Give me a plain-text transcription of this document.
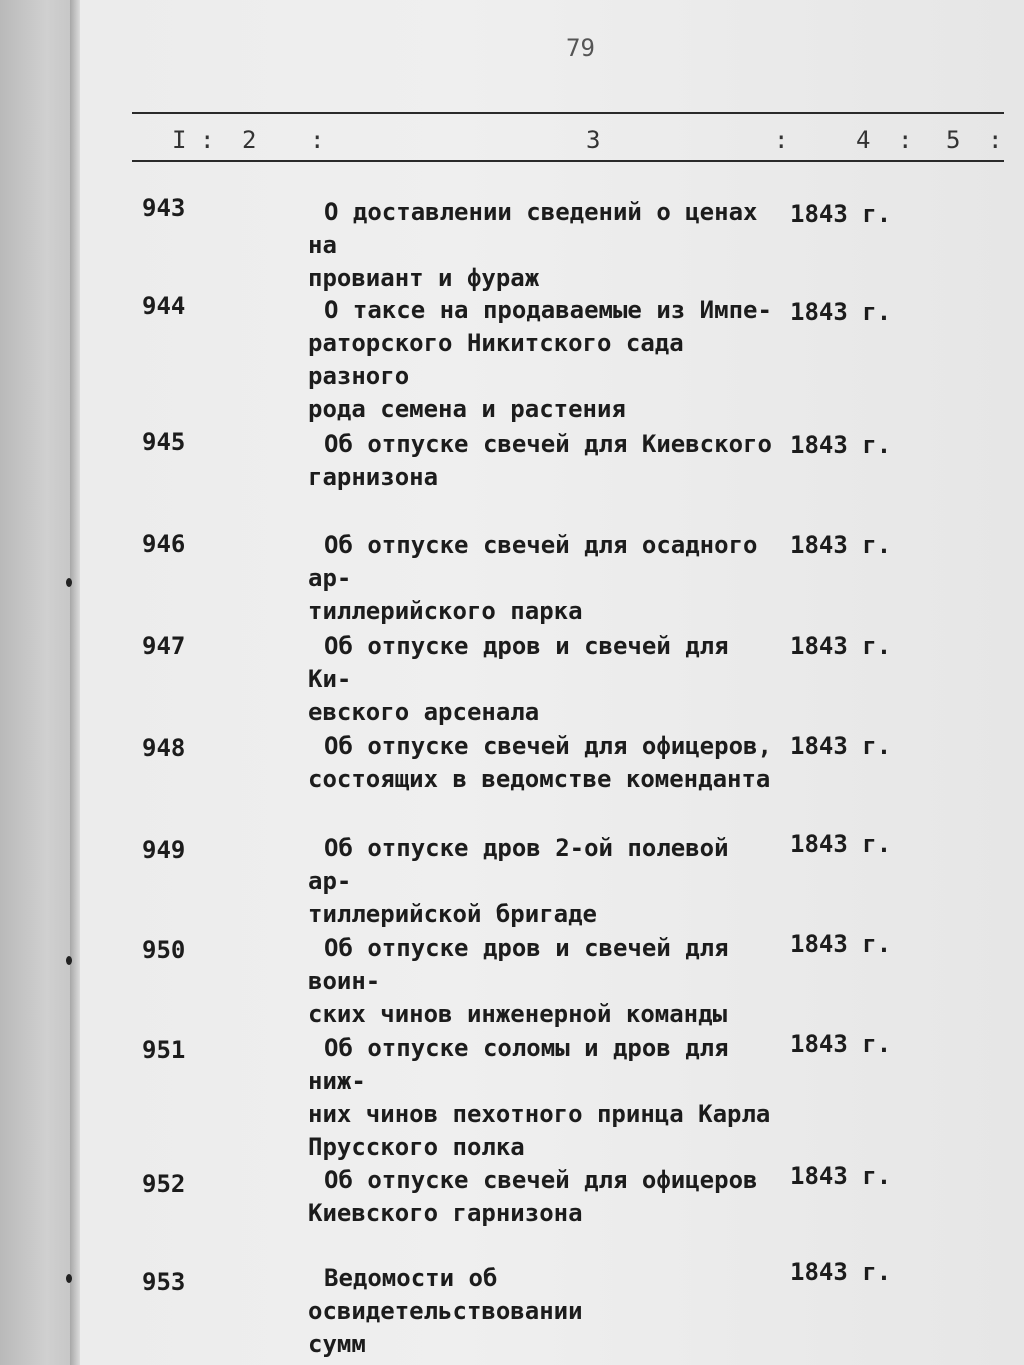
79
I : 2 :	3	:	4 : 5 :
943	О доставлении сведений о ценах на
провиант и фураж
1843 г.
944	О таксе на продаваемые из Импе-
раторского Никитского сада разного
рода семена и растения
1843 г.
945	Об отпуске свечей для Киевского
гарнизона
1843 г.
946	Об отпуске свечей для осадного ар-
тиллерийского парка
1843 г.
947	Об отпуске дров и свечей для Ки-
евского арсенала
1843 г.
948	Об отпуске свечей для офицеров,
состоящих в ведомстве коменданта
1843 г.
949	Об отпуске дров 2-ой полевой ар-
тиллерийской бригаде
1843 г.
950	Об отпуске дров и свечей для воин-
ских чинов инженерной команды
1843 г.
951	Об отпуске соломы и дров для ниж-
них чинов пехотного принца Карла
Прусского полка
1843 г.
952	Об отпуске свечей для офицеров
Киевского гарнизона
1843 г.
953	Ведомости об освидетельствовании
сумм
1843 г.
